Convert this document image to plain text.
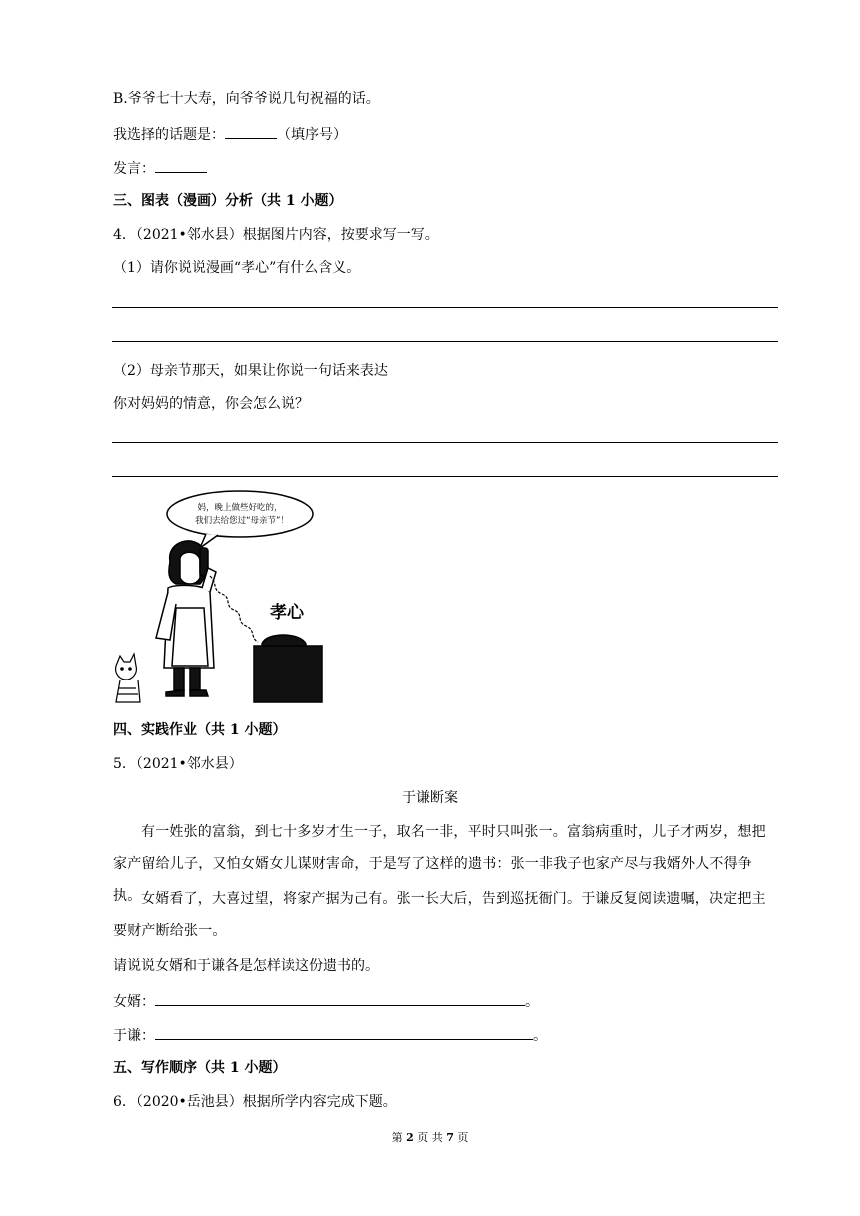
B.爷爷七十大寿，向爷爷说几句祝福的话。
我选择的话题是：	（填序号）
发言：
三、图表（漫画）分析（共 1 小题）
4．（2021•邻水县）根据图片内容，按要求写一写。
（1）请你说说漫画“孝心”有什么含义。
（2）母亲节那天，如果让你说一句话来表达
你对妈妈的情意，你会怎么说？
妈，晚上做些好吃的，
我们去给您过“母亲节”！
孝心
四、实践作业（共 1 小题）
5．（2021•邻水县）
于谦断案
有一姓张的富翁，到七十多岁才生一子，取名一非，平时只叫张一。富翁病重时，儿子才两岁，想把家产留给儿子，又怕女婿女儿谋财害命，于是写了这样的遗书：张一非我子也家产尽与我婿外人不得争执。 女婿看了，大喜过望，将家产据为己有。张一长大后，告到巡抚衙门。于谦反复阅读遗嘱，决定把主要财产断给张一。
请说说女婿和于谦各是怎样读这份遗书的。
女婿：	。
于谦：	。
五、写作顺序（共 1 小题）
6．（2020•岳池县）根据所学内容完成下题。
第 2 页 共 7 页
